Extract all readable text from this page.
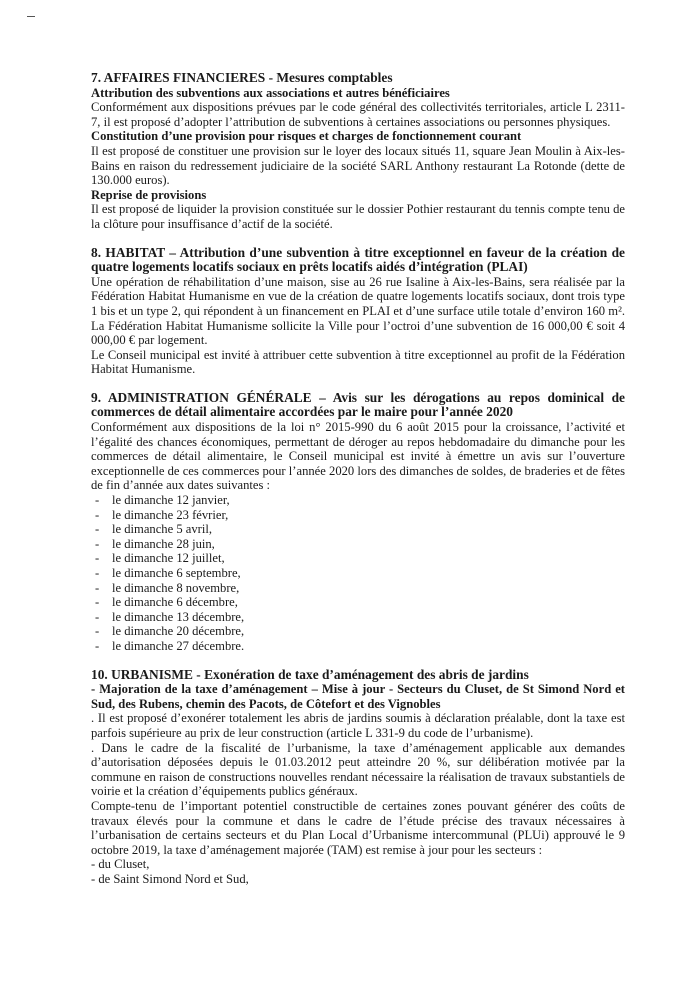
7. AFFAIRES FINANCIERES - Mesures comptables
Attribution des subventions aux associations et autres bénéficiaires

Conformément aux dispositions prévues par le code général des collectivités territoriales, article L 2311-7, il est proposé d’adopter l’attribution de subventions à certaines associations ou personnes physiques.

Constitution d’une provision pour risques et charges de fonctionnement courant

Il est proposé de constituer une provision sur le loyer des locaux situés 11, square Jean Moulin à Aix-les-Bains en raison du redressement judiciaire de la société SARL Anthony restaurant La Rotonde (dette de 130.000 euros).

Reprise de provisions

Il est proposé de liquider la provision constituée sur le dossier Pothier restaurant du tennis compte tenu de la clôture pour insuffisance d’actif de la société.

8. HABITAT – Attribution d’une subvention à titre exceptionnel en faveur de la création de quatre logements locatifs sociaux en prêts locatifs aidés d’intégration (PLAI)

Une opération de réhabilitation d’une maison, sise au 26 rue Isaline à Aix-les-Bains, sera réalisée par la Fédération Habitat Humanisme en vue de la création de quatre logements locatifs sociaux, dont trois type 1 bis et un type 2, qui répondent à un financement en PLAI et d’une surface utile totale d’environ 160 m². La Fédération Habitat Humanisme sollicite la Ville pour l’octroi d’une subvention de 16 000,00 € soit 4 000,00 € par logement.

Le Conseil municipal est invité à attribuer cette subvention à titre exceptionnel au profit de la Fédération Habitat Humanisme.

9. ADMINISTRATION GÉNÉRALE – Avis sur les dérogations au repos dominical de commerces de détail alimentaire accordées par le maire pour l’année 2020

Conformément aux dispositions de la loi n° 2015-990 du 6 août 2015 pour la croissance, l’activité et l’égalité des chances économiques, permettant de déroger au repos hebdomadaire du dimanche pour les commerces de détail alimentaire, le Conseil municipal est invité à émettre un avis sur l’ouverture exceptionnelle de ces commerces pour l’année 2020 lors des dimanches de soldes, de braderies et de fêtes de fin d’année aux dates suivantes :

- le dimanche 12 janvier,
- le dimanche 23 février,
- le dimanche 5 avril,
- le dimanche 28 juin,
- le dimanche 12 juillet,
- le dimanche 6 septembre,
- le dimanche 8 novembre,
- le dimanche 6 décembre,
- le dimanche 13 décembre,
- le dimanche 20 décembre,
- le dimanche 27 décembre.
10. URBANISME - Exonération de taxe d’aménagement des abris de jardins

- Majoration de la taxe d’aménagement – Mise à jour - Secteurs du Cluset, de St Simond Nord et Sud, des Rubens, chemin des Pacots, de Côtefort et des Vignobles

. Il est proposé d’exonérer totalement les abris de jardins soumis à déclaration préalable, dont la taxe est parfois supérieure au prix de leur construction (article L 331-9 du code de l’urbanisme).

. Dans le cadre de la fiscalité de l’urbanisme, la taxe d’aménagement applicable aux demandes d’autorisation déposées depuis le 01.03.2012 peut atteindre 20 %, sur délibération motivée par la commune en raison de constructions nouvelles rendant nécessaire la réalisation de travaux substantiels de voirie et la création d’équipements publics généraux.

Compte-tenu de l’important potentiel constructible de certaines zones pouvant générer des coûts de travaux élevés pour la commune et dans le cadre de l’étude précise des travaux nécessaires à l’urbanisation de certains secteurs et du Plan Local d’Urbanisme intercommunal (PLUi) approuvé le 9 octobre 2019, la taxe d’aménagement majorée (TAM) est remise à jour pour les secteurs :

- du Cluset,
- de Saint Simond Nord et Sud,
